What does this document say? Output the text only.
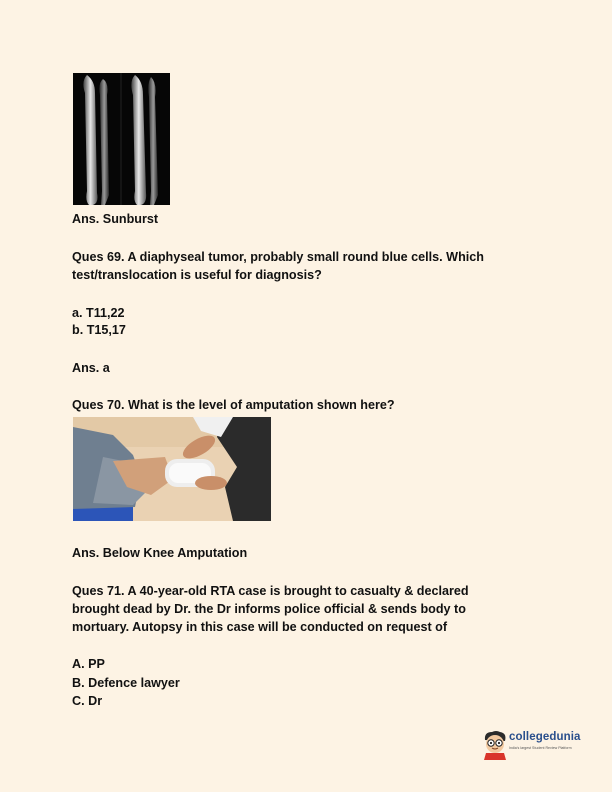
Ans. Sunburst

Ques 69. A diaphyseal tumor, probably small round blue cells. Which

test/translocation is useful for diagnosis?

a. T11,22

b. T15,17

Ans. a

Ques 70. What is the level of amputation shown here?

Ans. Below Knee Amputation

Ques 71. A 40-year-old RTA case is brought to casualty & declared

brought dead by Dr. the Dr informs police official & sends body to

mortuary. Autopsy in this case will be conducted on request of

A. PP

B. Defence lawyer

C. Dr

collegedunia
India's largest Student Review Platform
